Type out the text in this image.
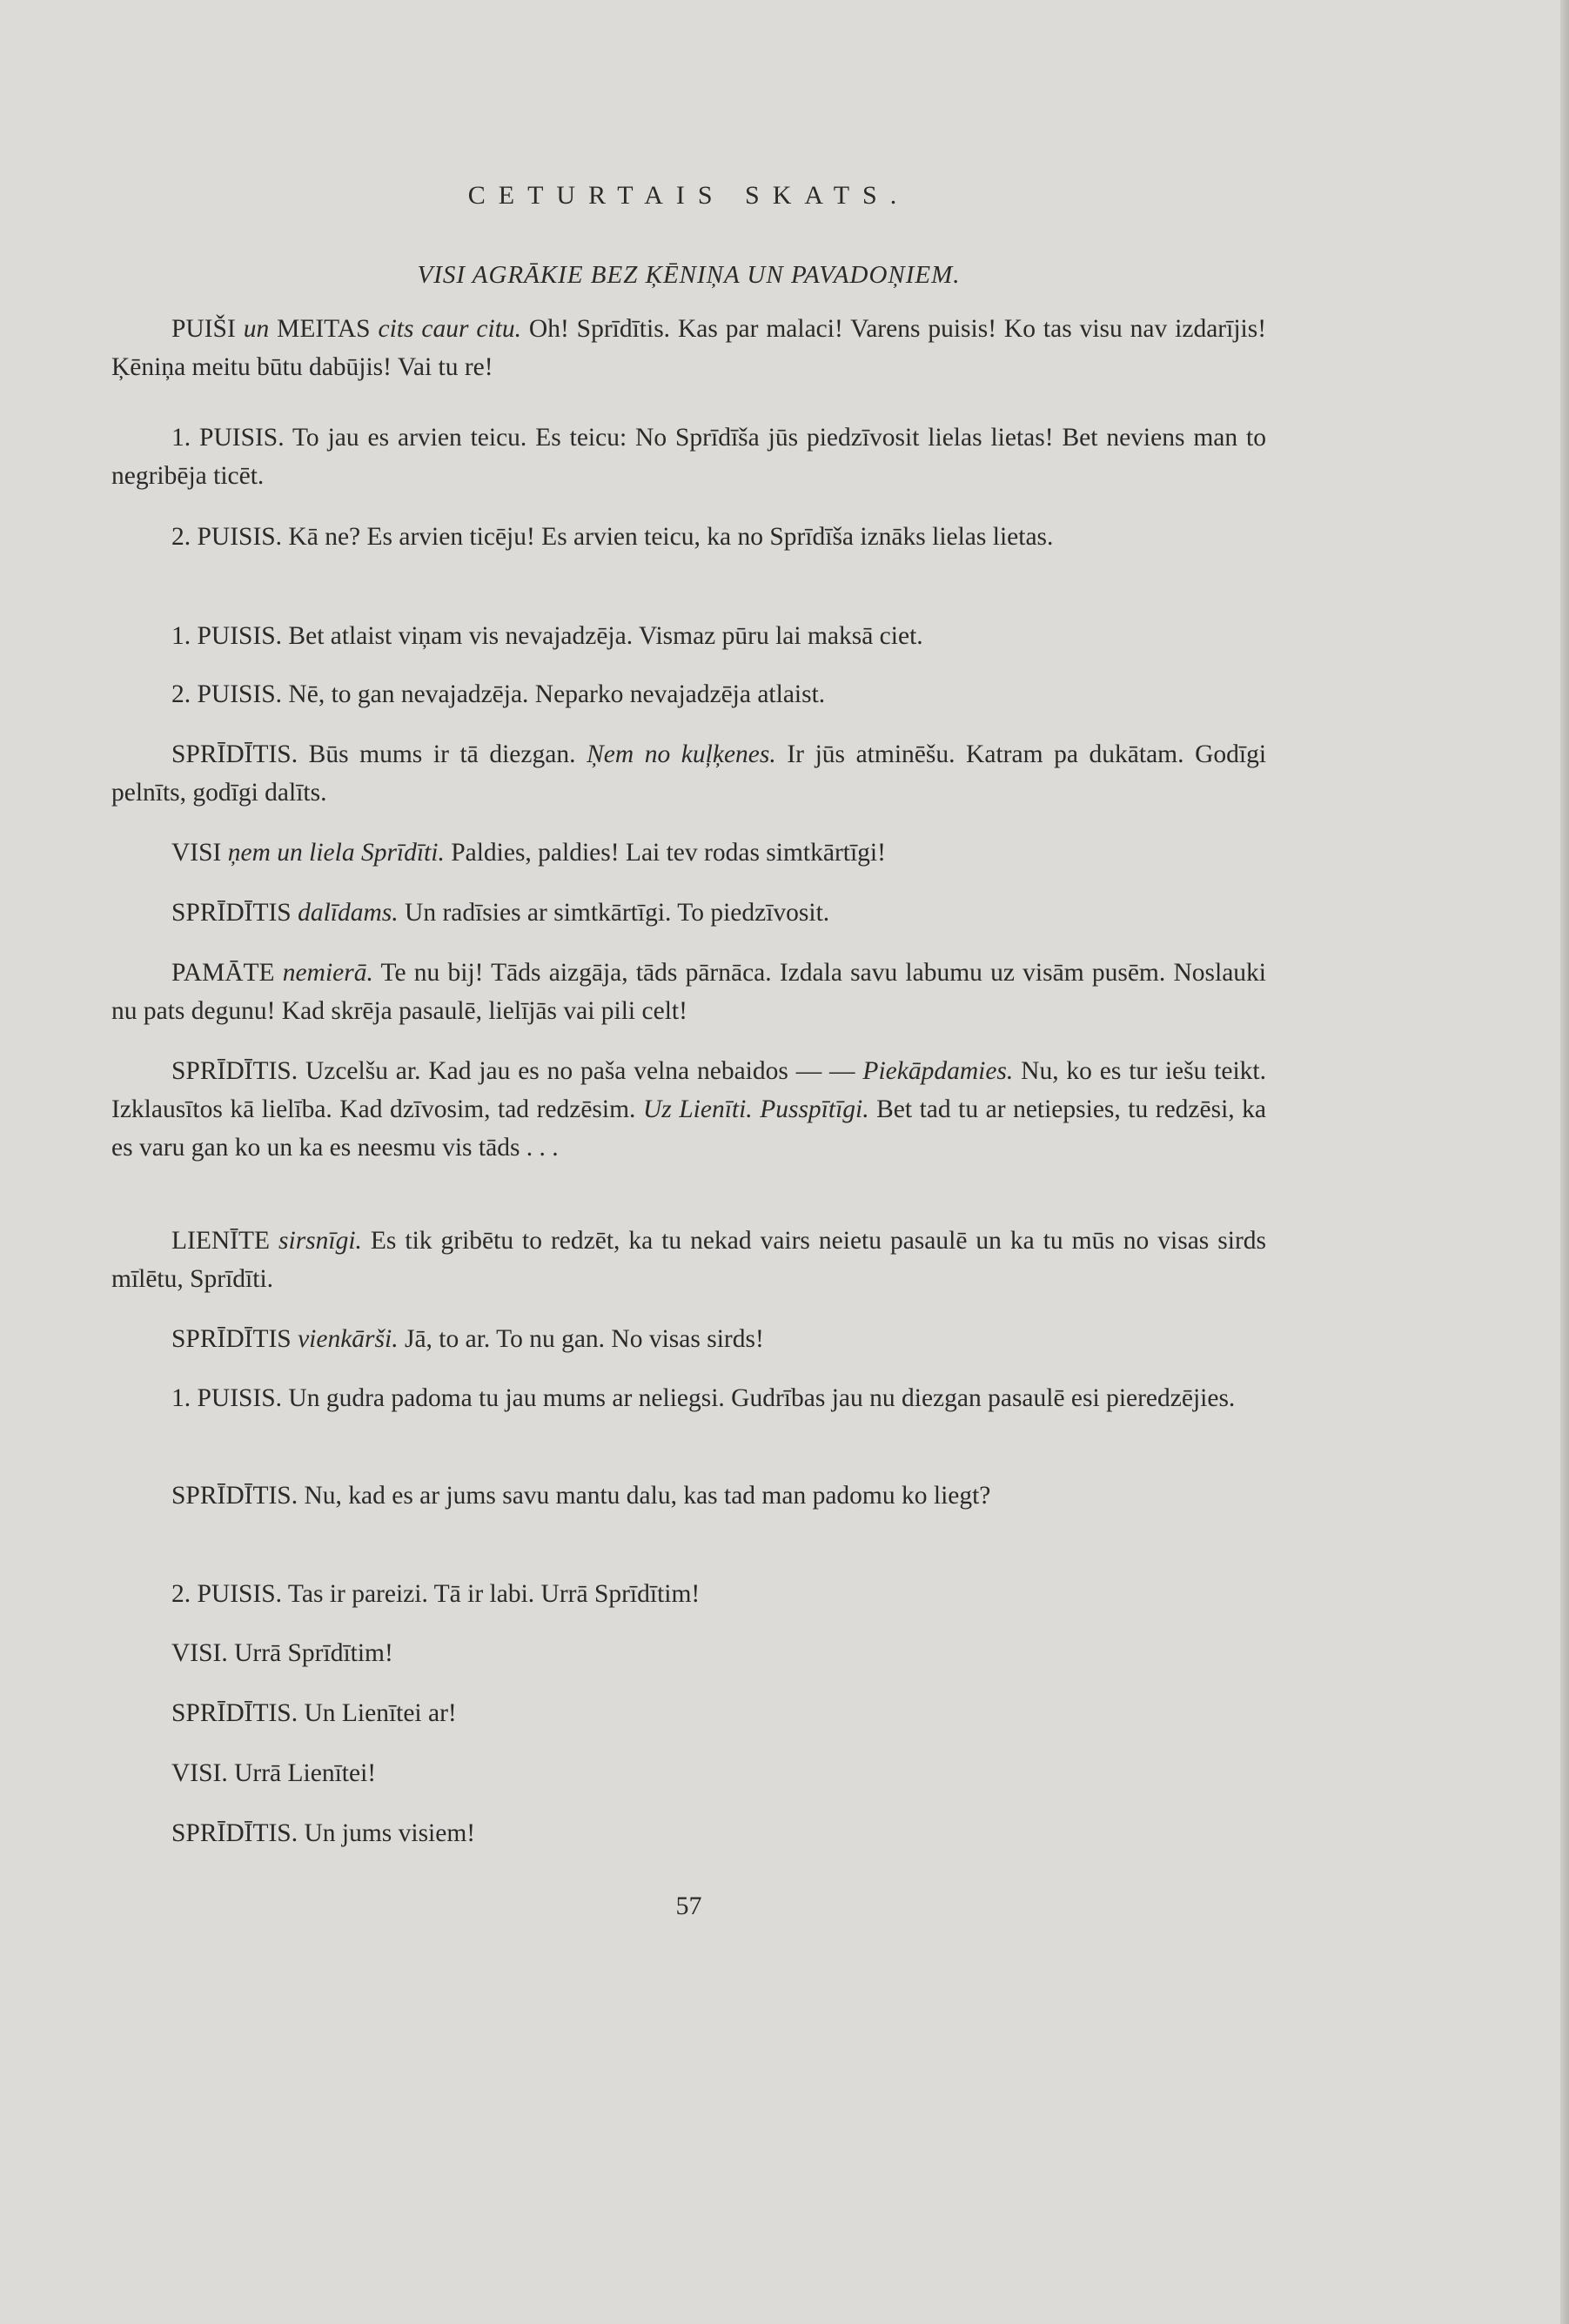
CETURTAIS SKATS.
VISI AGRĀKIE BEZ ĶĒNIŅA UN PAVADOŅIEM.

PUIŠI un MEITAS cits caur citu. Oh! Sprīdītis. Kas par malaci! Varens puisis! Ko tas visu nav izdarījis! Ķēniņa meitu būtu dabūjis! Vai tu re!

1. PUISIS. To jau es arvien teicu. Es teicu: No Sprīdīša jūs piedzīvosit lielas lietas! Bet neviens man to negribēja ticēt.

2. PUISIS. Kā ne? Es arvien ticēju! Es arvien teicu, ka no Sprīdīša iznāks lielas lietas.

1. PUISIS. Bet atlaist viņam vis nevajadzēja. Vismaz pūru lai maksā ciet.

2. PUISIS. Nē, to gan nevajadzēja. Neparko nevajadzēja atlaist.

SPRĪDĪTIS. Būs mums ir tā diezgan. Ņem no kuļķenes. Ir jūs atminēšu. Katram pa dukātam. Godīgi pelnīts, godīgi dalīts.

VISI ņem un liela Sprīdīti. Paldies, paldies! Lai tev rodas simtkārtīgi!

SPRĪDĪTIS dalīdams. Un radīsies ar simtkārtīgi. To piedzīvosit.

PAMĀTE nemierā. Te nu bij! Tāds aizgāja, tāds pārnāca. Izdala savu labumu uz visām pusēm. Noslauki nu pats degunu! Kad skrēja pasaulē, lielījās vai pili celt!

SPRĪDĪTIS. Uzcelšu ar. Kad jau es no paša velna nebaidos — — Piekāpdamies. Nu, ko es tur iešu teikt. Izklausītos kā lielība. Kad dzīvosim, tad redzēsim. Uz Lienīti. Pusspītīgi. Bet tad tu ar netiepsies, tu redzēsi, ka es varu gan ko un ka es neesmu vis tāds . . .

LIENĪTE sirsnīgi. Es tik gribētu to redzēt, ka tu nekad vairs neietu pasaulē un ka tu mūs no visas sirds mīlētu, Sprīdīti.

SPRĪDĪTIS vienkārši. Jā, to ar. To nu gan. No visas sirds!

1. PUISIS. Un gudra padoma tu jau mums ar neliegsi. Gudrības jau nu diezgan pasaulē esi pieredzējies.

SPRĪDĪTIS. Nu, kad es ar jums savu mantu dalu, kas tad man padomu ko liegt?

2. PUISIS. Tas ir pareizi. Tā ir labi. Urrā Sprīdītim!

VISI. Urrā Sprīdītim!

SPRĪDĪTIS. Un Lienītei ar!

VISI. Urrā Lienītei!

SPRĪDĪTIS. Un jums visiem!

57
